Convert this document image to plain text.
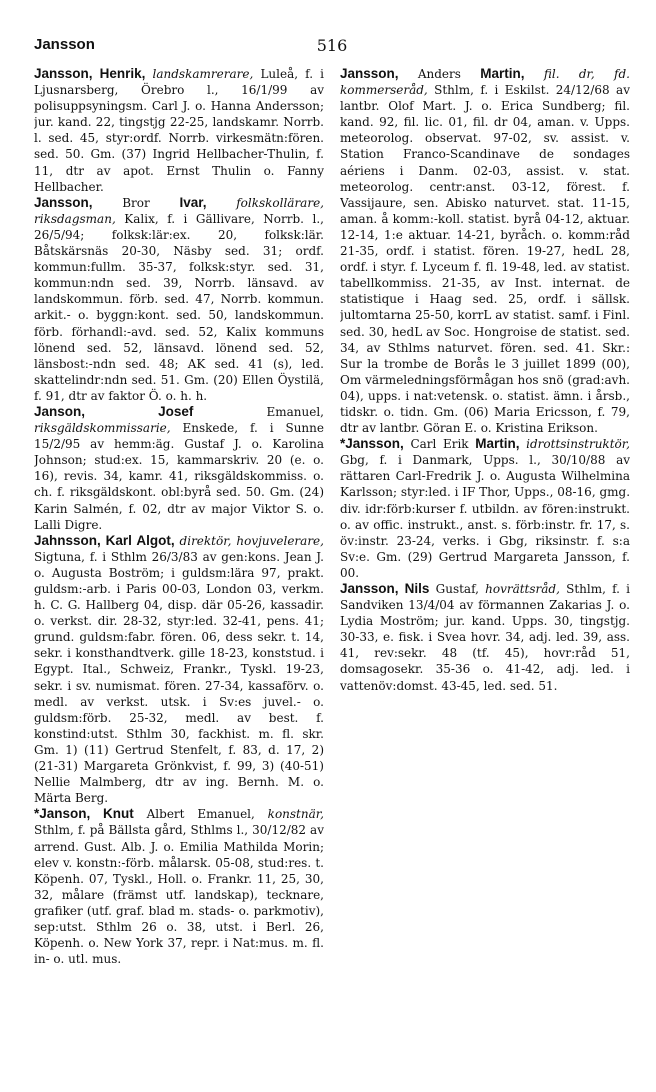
Jansson	516

Jansson, Henrik, landskamrerare, Luleå, f. i Ljusnarsberg, Örebro l., 16/1/99 av polisuppsyningsm. Carl J. o. Hanna Andersson; jur. kand. 22, tingstjg 22-25, landskamr. Norrb. l. sed. 45, styr:ordf. Norrb. virkesmätn:fören. sed. 50. Gm. (37) Ingrid Hellbacher-Thulin, f. 11, dtr av apot. Ernst Thulin o. Fanny Hellbacher.

Jansson, Bror Ivar, folkskollärare, riksdagsman, Kalix, f. i Gällivare, Norrb. l., 26/5/94; folksk:lär:ex. 20, folksk:lär. Båtskärsnäs 20-30, Näsby sed. 31; ordf. kommun:fullm. 35-37, folksk:styr. sed. 31, kommun:ndn sed. 39, Norrb. länsavd. av landskommun. förb. sed. 47, Norrb. kommun. arkit.- o. byggn:kont. sed. 50, landskommun. förb. förhandl:-avd. sed. 52, Kalix kommuns lönend sed. 52, länsavd. lönend sed. 52, länsbost:-ndn sed. 48; AK sed. 41 (s), led. skattelindr:ndn sed. 51. Gm. (20) Ellen Öystilä, f. 91, dtr av faktor Ö. o. h. h.

Janson, Josef	Emanuel, riksgäldskommissarie, Enskede, f. i Sunne 15/2/95 av hemm:äg. Gustaf J. o. Karolina Johnson; stud:ex. 15, kammarskriv. 20 (e. o. 16), revis. 34, kamr. 41, riksgäldskommiss. o. ch. f. riksgäldskont. obl:byrå sed. 50. Gm. (24) Karin Salmén, f. 02, dtr av major Viktor S. o. Lalli Digre.

Jahnsson, Karl Algot, direktör, hovjuvelerare, Sigtuna, f. i Sthlm 26/3/83 av gen:kons. Jean J. o. Augusta Boström; i guldsm:lära 97, prakt. guldsm:-arb. i Paris 00-03, London 03, verkm. h. C. G. Hallberg 04, disp. där 05-26, kassadir. o. verkst. dir. 28-32, styr:led. 32-41, pens. 41; grund. guldsm:fabr. fören. 06, dess sekr. t. 14, sekr. i konsthandtverk. gille 18-23, konststud. i Egypt. Ital., Schweiz, Frankr., Tyskl. 19-23, sekr. i sv. numismat. fören. 27-34, kassaförv. o. medl. av verkst. utsk. i Sv:es juvel.- o. guldsm:förb. 25-32, medl. av best. f. konstind:utst. Sthlm 30, fackhist. m. fl. skr. Gm. 1) (11) Gertrud Stenfelt, f. 83, d. 17, 2) (21-31) Margareta Grönkvist, f. 99, 3) (40-51) Nellie Malmberg, dtr av ing. Bernh. M. o. Märta Berg.

*Janson, Knut Albert Emanuel, konstnär, Sthlm, f. på Bällsta gård, Sthlms l., 30/12/82 av arrend. Gust. Alb. J. o. Emilia Mathilda Morin; elev v. konstn:-förb. målarsk. 05-08, stud:res. t. Köpenh. 07, Tyskl., Holl. o. Frankr. 11, 25, 30, 32, målare (främst utf. landskap), tecknare, grafiker (utf. graf. blad m. stads- o. parkmotiv), sep:utst. Sthlm 26 o. 38, utst. i Berl. 26, Köpenh. o. New York 37, repr. i Nat:mus. m. fl. in- o. utl. mus.

Jansson, Anders Martin, fil. dr, fd. kommerseråd, Sthlm, f. i Eskilst. 24/12/68 av lantbr. Olof Mart. J. o. Erica Sundberg; fil. kand. 92, fil. lic. 01, fil. dr 04, aman. v. Upps. meteorolog. observat. 97-02, sv. assist. v. Station Franco-Scandinave de sondages aériens i Danm. 02-03, assist. v. stat. meteorolog. centr:anst. 03-12, förest. f. Vassijaure, sen. Abisko naturvet. stat. 11-15, aman. å komm:-koll. statist. byrå 04-12, aktuar. 12-14, 1:e aktuar. 14-21, byråch. o. komm:råd 21-35, ordf. i statist. fören. 19-27, hedL 28, ordf. i styr. f. Lyceum f. fl. 19-48, led. av statist. tabellkommiss. 21-35, av Inst. internat. de statistique i Haag sed. 25, ordf. i sällsk. jultomtarna 25-50, korrL av statist. samf. i Finl. sed. 30, hedL av Soc. Hongroise de statist. sed. 34, av Sthlms naturvet. fören. sed. 41. Skr.: Sur la trombe de Borås le 3 juillet 1899 (00), Om värmeledningsförmågan hos snö (grad:avh. 04), upps. i nat:vetensk. o. statist. ämn. i årsb., tidskr. o. tidn. Gm. (06) Maria Ericsson, f. 79, dtr av lantbr. Göran E. o. Kristina Erikson.

*Jansson, Carl Erik Martin, idrottsinstruktör, Gbg, f. i Danmark, Upps. l., 30/10/88 av rättaren Carl-Fredrik J. o. Augusta Wilhelmina Karlsson; styr:led. i IF Thor, Upps., 08-16, gmg. div. idr:förb:kurser f. utbildn. av fören:instrukt. o. av offic. instrukt., anst. s. förb:instr. fr. 17, s. öv:instr. 23-24, verks. i Gbg, riksinstr. f. s:a Sv:e. Gm. (29) Gertrud Margareta Jansson, f. 00.

Jansson, Nils Gustaf, hovrättsråd, Sthlm, f. i Sandviken 13/4/04 av förmannen Zakarias J. o. Lydia Moström; jur. kand. Upps. 30, tingstjg. 30-33, e. fisk. i Svea hovr. 34, adj. led. 39, ass. 41, rev:sekr. 48 (tf. 45), hovr:råd 51, domsagosekr. 35-36 o. 41-42, adj. led. i vattenöv:domst. 43-45, led. sed. 51.
